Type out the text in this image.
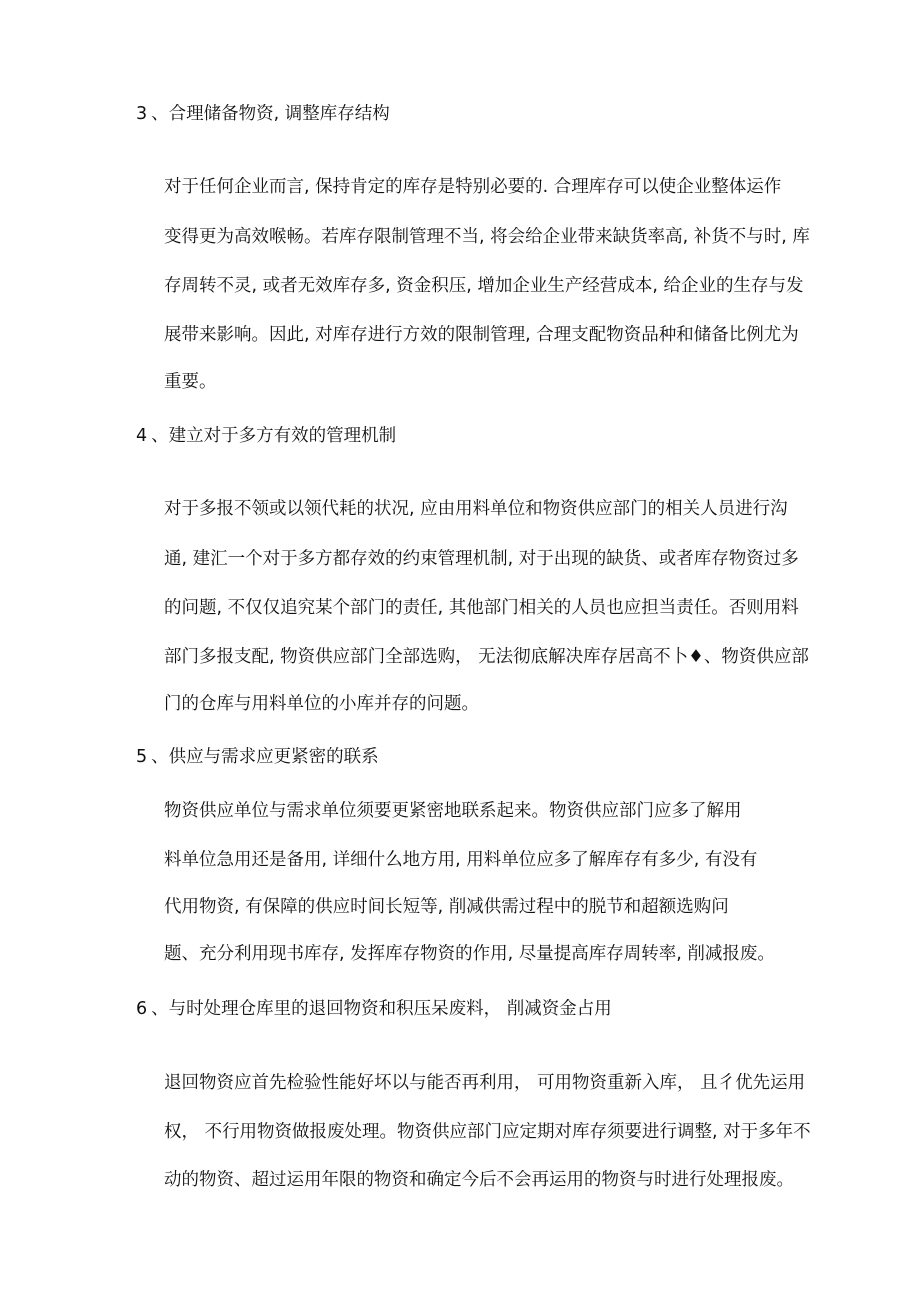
3 、合理储备物资, 调整库存结构

对于任何企业而言, 保持肯定的库存是特别必要的. 合理库存可以使企业整体运作

变得更为高效喉畅。若库存限制管理不当, 将会给企业带来缺货率高, 补货不与时, 库

存周转不灵, 或者无效库存多, 资金积压, 增加企业生产经营成本, 给企业的生存与发

展带来影响。因此, 对库存进行方效的限制管理, 合理支配物资品种和储备比例尤为

重要。

4 、建立对于多方有效的管理机制

对于多报不领或以领代耗的状况, 应由用料单位和物资供应部门的相关人员进行沟

通, 建汇一个对于多方都存效的约束管理机制, 对于出现的缺货、或者库存物资过多

的问题, 不仅仅追究某个部门的责任, 其他部门相关的人员也应担当责任。否则用料

部门多报支配, 物资供应部门全部选购， 无法彻底解决库存居高不卜♦、物资供应部

门的仓库与用料单位的小库并存的问题。

5 、供应与需求应更紧密的联系

物资供应单位与需求单位须要更紧密地联系起来。物资供应部门应多了解用

料单位急用还是备用, 详细什么地方用, 用料单位应多了解库存有多少, 有没有

代用物资, 有保障的供应时间长短等, 削减供需过程中的脱节和超额选购问

题、充分利用现书库存, 发挥库存物资的作用, 尽量提高库存周转率, 削减报废。

6 、与时处理仓库里的退回物资和积压呆废料， 削减资金占用

退回物资应首先检验性能好坏以与能否再利用， 可用物资重新入库， 且彳优先运用

权， 不行用物资做报废处理。物资供应部门应定期对库存须要进行调整, 对于多年不

动的物资、超过运用年限的物资和确定今后不会再运用的物资与时进行处理报废。
